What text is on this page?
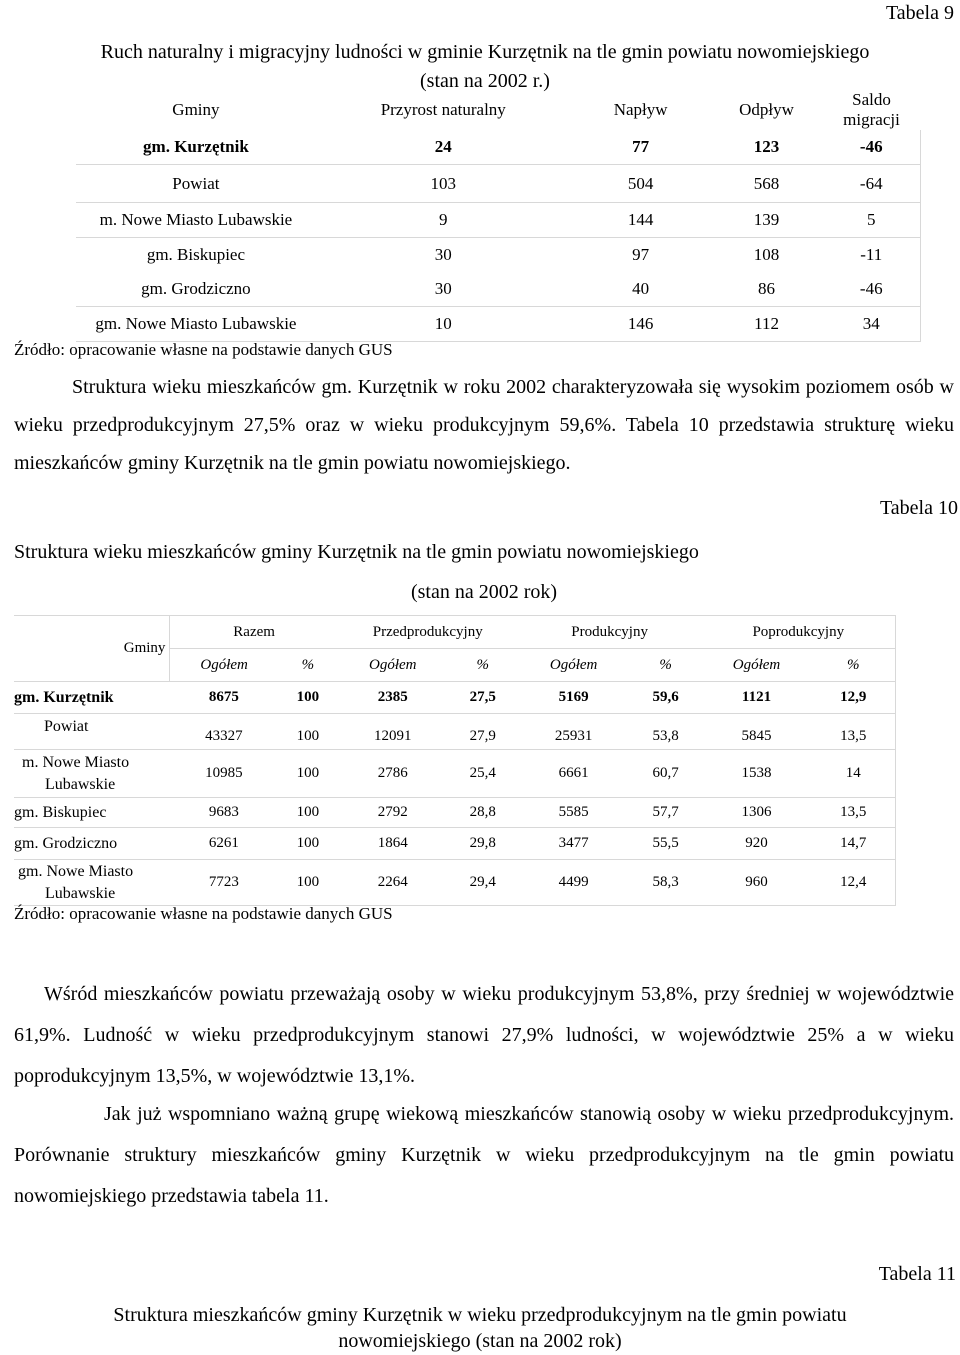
Tabela 9
Ruch naturalny i migracyjny ludności w gminie Kurzętnik na tle gmin powiatu nowomiejskiego
(stan na 2002 r.)
Gminy	Przyrost naturalny	Napływ	Odpływ	Saldo migracji
gm. Kurzętnik	24	77	123	-46
Powiat	103	504	568	-64
m. Nowe Miasto Lubawskie	9	144	139	5
gm. Biskupiec	30	97	108	-11
gm. Grodziczno	30	40	86	-46
gm. Nowe Miasto Lubawskie	10	146	112	34
Źródło: opracowanie własne na podstawie danych GUS
Struktura wieku mieszkańców gm. Kurzętnik w roku 2002 charakteryzowała się wysokim poziomem osób w wieku przedprodukcyjnym 27,5% oraz w wieku produkcyjnym 59,6%. Tabela 10 przedstawia strukturę wieku mieszkańców gminy Kurzętnik na tle gmin powiatu nowomiejskiego.
Tabela 10
Struktura wieku mieszkańców gminy Kurzętnik na tle gmin powiatu nowomiejskiego
(stan na 2002 rok)
Gminy	Razem		Przedprodukcyjny		Produkcyjny		Poprodukcyjny	
	Ogółem	%	Ogółem	%	Ogółem	%	Ogółem	%
gm. Kurzętnik	8675	100	2385	27,5	5169	59,6	1121	12,9
Powiat	43327	100	12091	27,9	25931	53,8	5845	13,5

m. Nowe Miasto
Lubawskie	10985	100	2786	25,4	6661	60,7	1538	14
gm. Biskupiec	9683	100	2792	28,8	5585	57,7	1306	13,5
gm. Grodziczno	6261	100	1864	29,8	3477	55,5	920	14,7

gm. Nowe Miasto
Lubawskie	7723	100	2264	29,4	4499	58,3	960	12,4
Źródło: opracowanie własne na podstawie danych GUS
Wśród mieszkańców powiatu przeważają osoby w wieku produkcyjnym 53,8%, przy średniej w województwie 61,9%. Ludność w wieku przedprodukcyjnym stanowi 27,9% ludności, w województwie 25% a w wieku poprodukcyjnym 13,5%, w województwie 13,1%.
Jak już wspomniano ważną grupę wiekową mieszkańców stanowią osoby w wieku przedprodukcyjnym. Porównanie struktury mieszkańców gminy Kurzętnik w wieku przedprodukcyjnym na tle gmin powiatu nowomiejskiego przedstawia tabela 11.
Tabela 11
Struktura mieszkańców gminy Kurzętnik w wieku przedprodukcyjnym na tle gmin powiatu
nowomiejskiego (stan na 2002 rok)
